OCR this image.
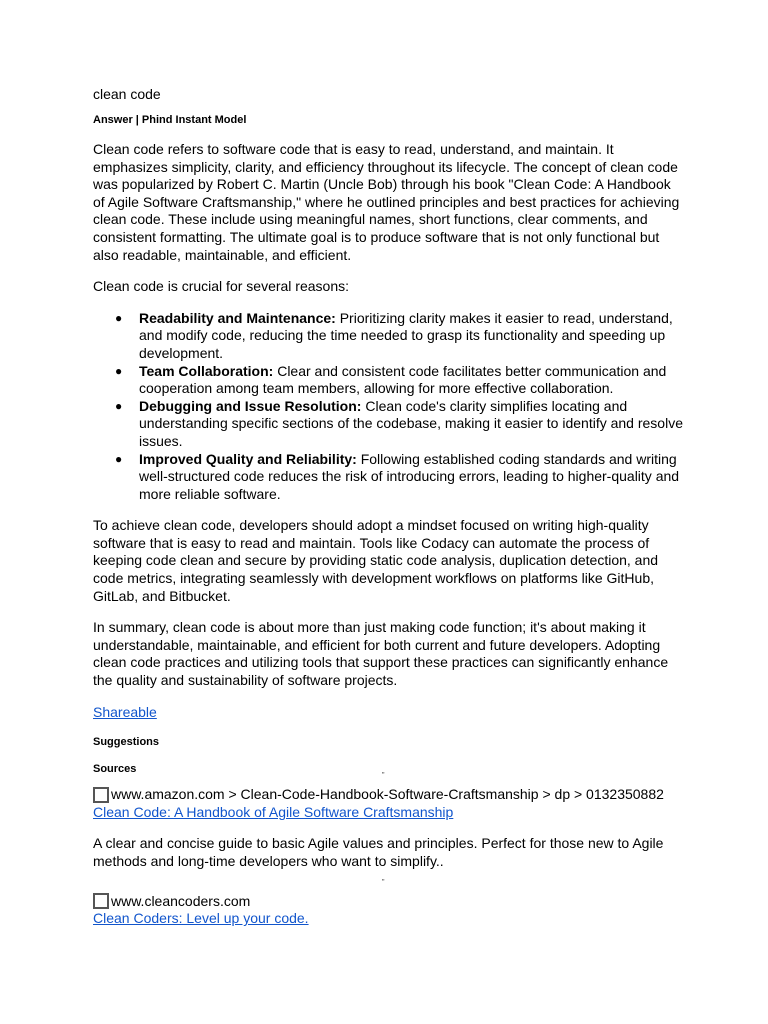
clean code
Answer | Phind Instant Model

Clean code refers to software code that is easy to read, understand, and maintain. It emphasizes simplicity, clarity, and efficiency throughout its lifecycle. The concept of clean code was popularized by Robert C. Martin (Uncle Bob) through his book "Clean Code: A Handbook of Agile Software Craftsmanship," where he outlined principles and best practices for achieving clean code. These include using meaningful names, short functions, clear comments, and consistent formatting. The ultimate goal is to produce software that is not only functional but also readable, maintainable, and efficient.

Clean code is crucial for several reasons:

● Readability and Maintenance: Prioritizing clarity makes it easier to read, understand, and modify code, reducing the time needed to grasp its functionality and speeding up development.
● Team Collaboration: Clear and consistent code facilitates better communication and cooperation among team members, allowing for more effective collaboration.
● Debugging and Issue Resolution: Clean code's clarity simplifies locating and understanding specific sections of the codebase, making it easier to identify and resolve issues.
● Improved Quality and Reliability: Following established coding standards and writing well-structured code reduces the risk of introducing errors, leading to higher-quality and more reliable software.

To achieve clean code, developers should adopt a mindset focused on writing high-quality software that is easy to read and maintain. Tools like Codacy can automate the process of keeping code clean and secure by providing static code analysis, duplication detection, and code metrics, integrating seamlessly with development workflows on platforms like GitHub, GitLab, and Bitbucket.

In summary, clean code is about more than just making code function; it's about making it understandable, maintainable, and efficient for both current and future developers. Adopting clean code practices and utilizing tools that support these practices can significantly enhance the quality and sustainability of software projects.

Shareable
Suggestions
Sources
"
www.amazon.com > Clean-Code-Handbook-Software-Craftsmanship > dp > 0132350882
Clean Code: A Handbook of Agile Software Craftsmanship

A clear and concise guide to basic Agile values and principles. Perfect for those new to Agile methods and long-time developers who want to simplify..

"
www.cleancoders.com
Clean Coders: Level up your code.
